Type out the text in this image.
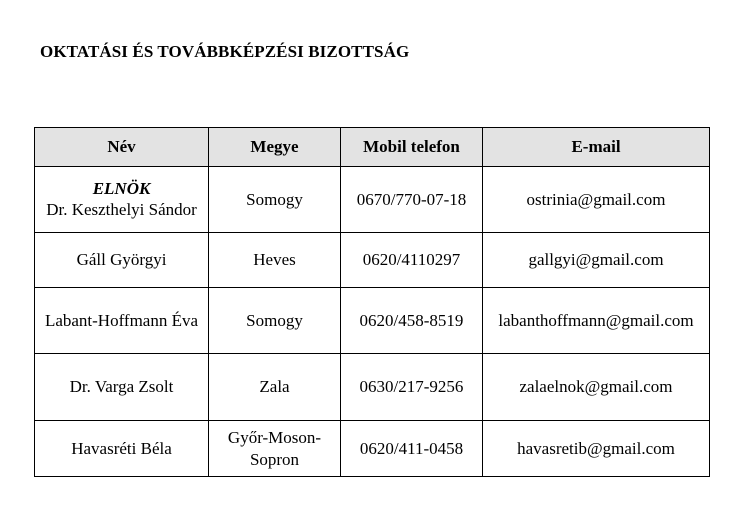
OKTATÁSI ÉS TOVÁBBKÉPZÉSI BIZOTTSÁG
Név	Megye	Mobil telefon	E-mail

ELNÖK
Dr. Keszthelyi Sándor	Somogy	0670/770-07-18	ostrinia@gmail.com
Gáll Györgyi	Heves	0620/4110297	gallgyi@gmail.com
Labant-Hoffmann Éva	Somogy	0620/458-8519	labanthoffmann@gmail.com
Dr. Varga Zsolt	Zala	0630/217-9256	zalaelnok@gmail.com
Havasréti Béla	Győr-Moson-Sopron	0620/411-0458	havasretib@gmail.com
